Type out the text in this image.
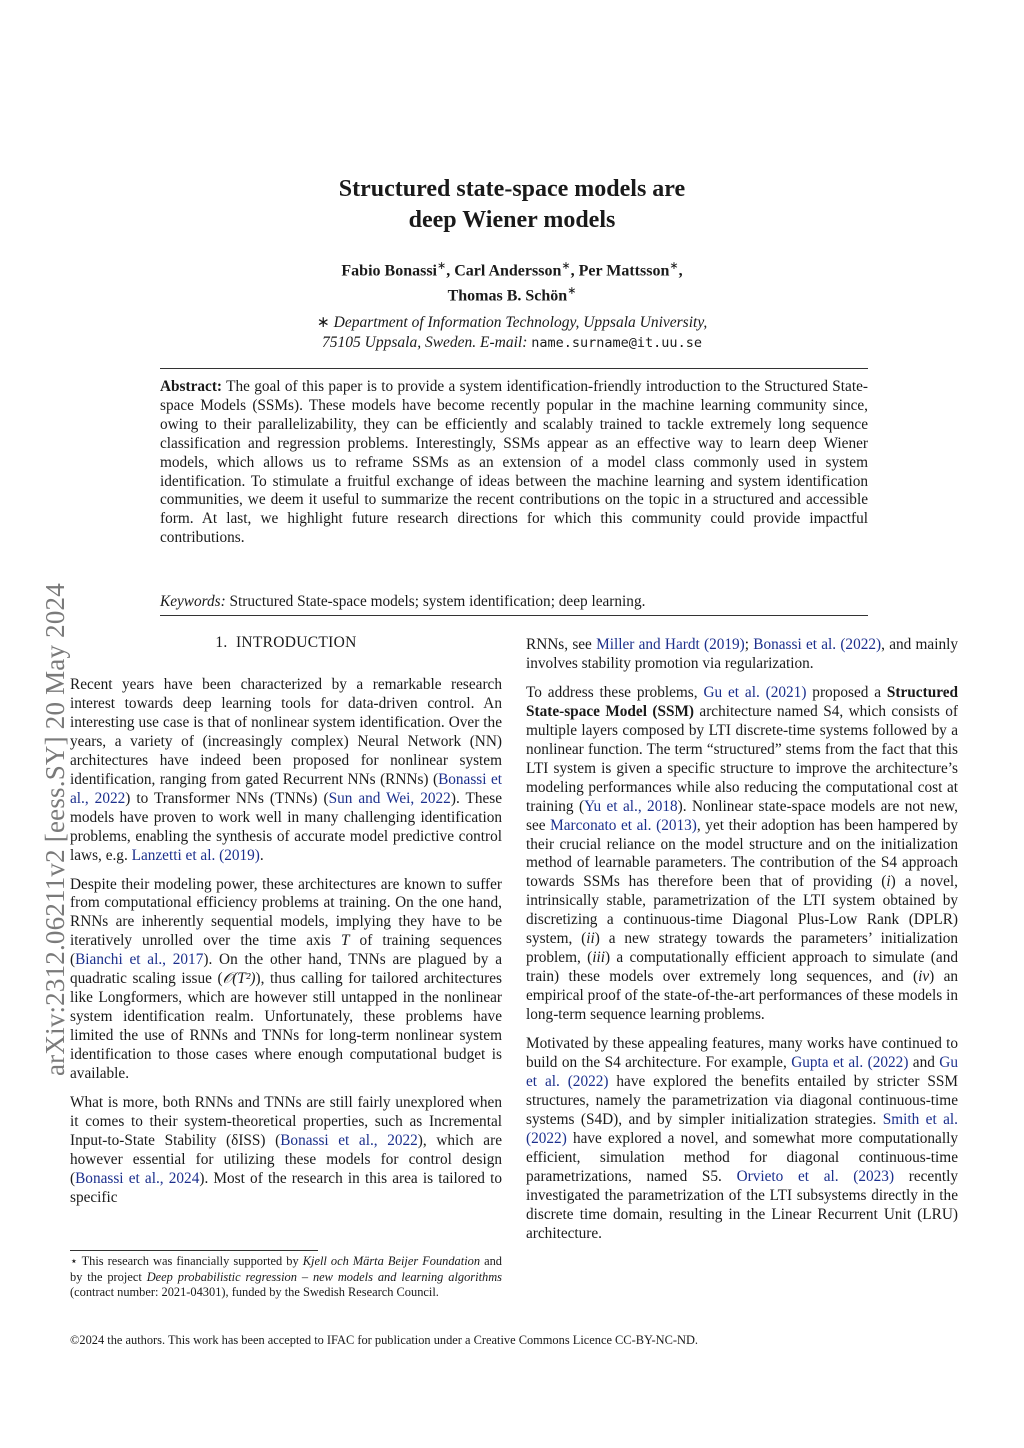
arXiv:2312.06211v2 [eess.SY] 20 May 2024
Structured state-space models are
deep Wiener models
Fabio Bonassi∗, Carl Andersson∗, Per Mattsson∗,
Thomas B. Schön∗
∗ Department of Information Technology, Uppsala University,
75105 Uppsala, Sweden. E-mail: name.surname@it.uu.se
Abstract: The goal of this paper is to provide a system identification-friendly introduction to the Structured State-space Models (SSMs). These models have become recently popular in the machine learning community since, owing to their parallelizability, they can be efficiently and scalably trained to tackle extremely long sequence classification and regression problems. Interestingly, SSMs appear as an effective way to learn deep Wiener models, which allows us to reframe SSMs as an extension of a model class commonly used in system identification. To stimulate a fruitful exchange of ideas between the machine learning and system identification communities, we deem it useful to summarize the recent contributions on the topic in a structured and accessible form. At last, we highlight future research directions for which this community could provide impactful contributions.
Keywords: Structured State-space models; system identification; deep learning.
1. INTRODUCTION

Recent years have been characterized by a remarkable research interest towards deep learning tools for data-driven control. An interesting use case is that of nonlinear system identification. Over the years, a variety of (increasingly complex) Neural Network (NN) architectures have indeed been proposed for nonlinear system identification, ranging from gated Recurrent NNs (RNNs) (Bonassi et al., 2022) to Transformer NNs (TNNs) (Sun and Wei, 2022). These models have proven to work well in many challenging identification problems, enabling the synthesis of accurate model predictive control laws, e.g. Lanzetti et al. (2019).

Despite their modeling power, these architectures are known to suffer from computational efficiency problems at training. On the one hand, RNNs are inherently sequential models, implying they have to be iteratively unrolled over the time axis T of training sequences (Bianchi et al., 2017). On the other hand, TNNs are plagued by a quadratic scaling issue (𝒪(T²)), thus calling for tailored architectures like Longformers, which are however still untapped in the nonlinear system identification realm. Unfortunately, these problems have limited the use of RNNs and TNNs for long-term nonlinear system identification to those cases where enough computational budget is available.

What is more, both RNNs and TNNs are still fairly unexplored when it comes to their system-theoretical properties, such as Incremental Input-to-State Stability (δISS) (Bonassi et al., 2022), which are however essential for utilizing these models for control design (Bonassi et al., 2024). Most of the research in this area is tailored to specific

RNNs, see Miller and Hardt (2019); Bonassi et al. (2022), and mainly involves stability promotion via regularization.

To address these problems, Gu et al. (2021) proposed a Structured State-space Model (SSM) architecture named S4, which consists of multiple layers composed by LTI discrete-time systems followed by a nonlinear function. The term “structured” stems from the fact that this LTI system is given a specific structure to improve the architecture’s modeling performances while also reducing the computational cost at training (Yu et al., 2018). Nonlinear state-space models are not new, see Marconato et al. (2013), yet their adoption has been hampered by their crucial reliance on the model structure and on the initialization method of learnable parameters. The contribution of the S4 approach towards SSMs has therefore been that of providing (i) a novel, intrinsically stable, parametrization of the LTI system obtained by discretizing a continuous-time Diagonal Plus-Low Rank (DPLR) system, (ii) a new strategy towards the parameters’ initialization problem, (iii) a computationally efficient approach to simulate (and train) these models over extremely long sequences, and (iv) an empirical proof of the state-of-the-art performances of these models in long-term sequence learning problems.

Motivated by these appealing features, many works have continued to build on the S4 architecture. For example, Gupta et al. (2022) and Gu et al. (2022) have explored the benefits entailed by stricter SSM structures, namely the parametrization via diagonal continuous-time systems (S4D), and by simpler initialization strategies. Smith et al. (2022) have explored a novel, and somewhat more computationally efficient, simulation method for diagonal continuous-time parametrizations, named S5. Orvieto et al. (2023) recently investigated the parametrization of the LTI subsystems directly in the discrete time domain, resulting in the Linear Recurrent Unit (LRU) architecture.

⋆ This research was financially supported by Kjell och Märta Beijer Foundation and by the project Deep probabilistic regression – new models and learning algorithms (contract number: 2021-04301), funded by the Swedish Research Council.
©2024 the authors. This work has been accepted to IFAC for publication under a Creative Commons Licence CC-BY-NC-ND.
